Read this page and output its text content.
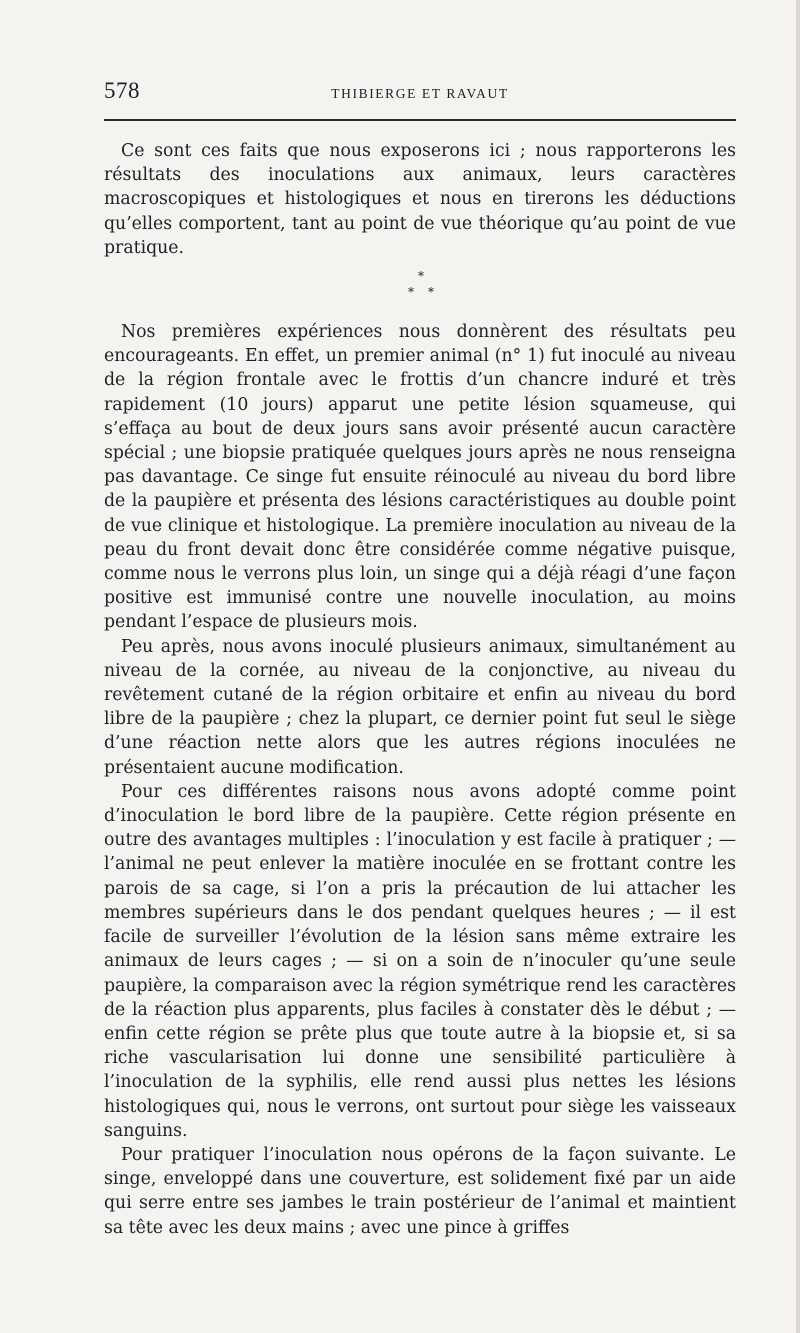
578	THIBIERGE ET RAVAUT

Ce sont ces faits que nous exposerons ici ; nous rapporterons les résultats des inoculations aux animaux, leurs caractères macroscopiques et histologiques et nous en tirerons les déductions qu’elles comportent, tant au point de vue théorique qu’au point de vue pratique.

*
* *

Nos premières expériences nous donnèrent des résultats peu encourageants. En effet, un premier animal (n° 1) fut inoculé au niveau de la région frontale avec le frottis d’un chancre induré et très rapidement (10 jours) apparut une petite lésion squameuse, qui s’effaça au bout de deux jours sans avoir présenté aucun caractère spécial ; une biopsie pratiquée quelques jours après ne nous renseigna pas davantage. Ce singe fut ensuite réinoculé au niveau du bord libre de la paupière et présenta des lésions caractéristiques au double point de vue clinique et histologique. La première inoculation au niveau de la peau du front devait donc être considérée comme négative puisque, comme nous le verrons plus loin, un singe qui a déjà réagi d’une façon positive est immunisé contre une nouvelle inoculation, au moins pendant l’espace de plusieurs mois.

Peu après, nous avons inoculé plusieurs animaux, simultanément au niveau de la cornée, au niveau de la conjonctive, au niveau du revêtement cutané de la région orbitaire et enfin au niveau du bord libre de la paupière ; chez la plupart, ce dernier point fut seul le siège d’une réaction nette alors que les autres régions inoculées ne présentaient aucune modification.

Pour ces différentes raisons nous avons adopté comme point d’inoculation le bord libre de la paupière. Cette région présente en outre des avantages multiples : l’inoculation y est facile à pratiquer ; — l’animal ne peut enlever la matière inoculée en se frottant contre les parois de sa cage, si l’on a pris la précaution de lui attacher les membres supérieurs dans le dos pendant quelques heures ; — il est facile de surveiller l’évolution de la lésion sans même extraire les animaux de leurs cages ; — si on a soin de n’inoculer qu’une seule paupière, la comparaison avec la région symétrique rend les caractères de la réaction plus apparents, plus faciles à constater dès le début ; — enfin cette région se prête plus que toute autre à la biopsie et, si sa riche vascularisation lui donne une sensibilité particulière à l’inoculation de la syphilis, elle rend aussi plus nettes les lésions histologiques qui, nous le verrons, ont surtout pour siège les vaisseaux sanguins.

Pour pratiquer l’inoculation nous opérons de la façon suivante. Le singe, enveloppé dans une couverture, est solidement fixé par un aide qui serre entre ses jambes le train postérieur de l’animal et maintient sa tête avec les deux mains ; avec une pince à griffes
